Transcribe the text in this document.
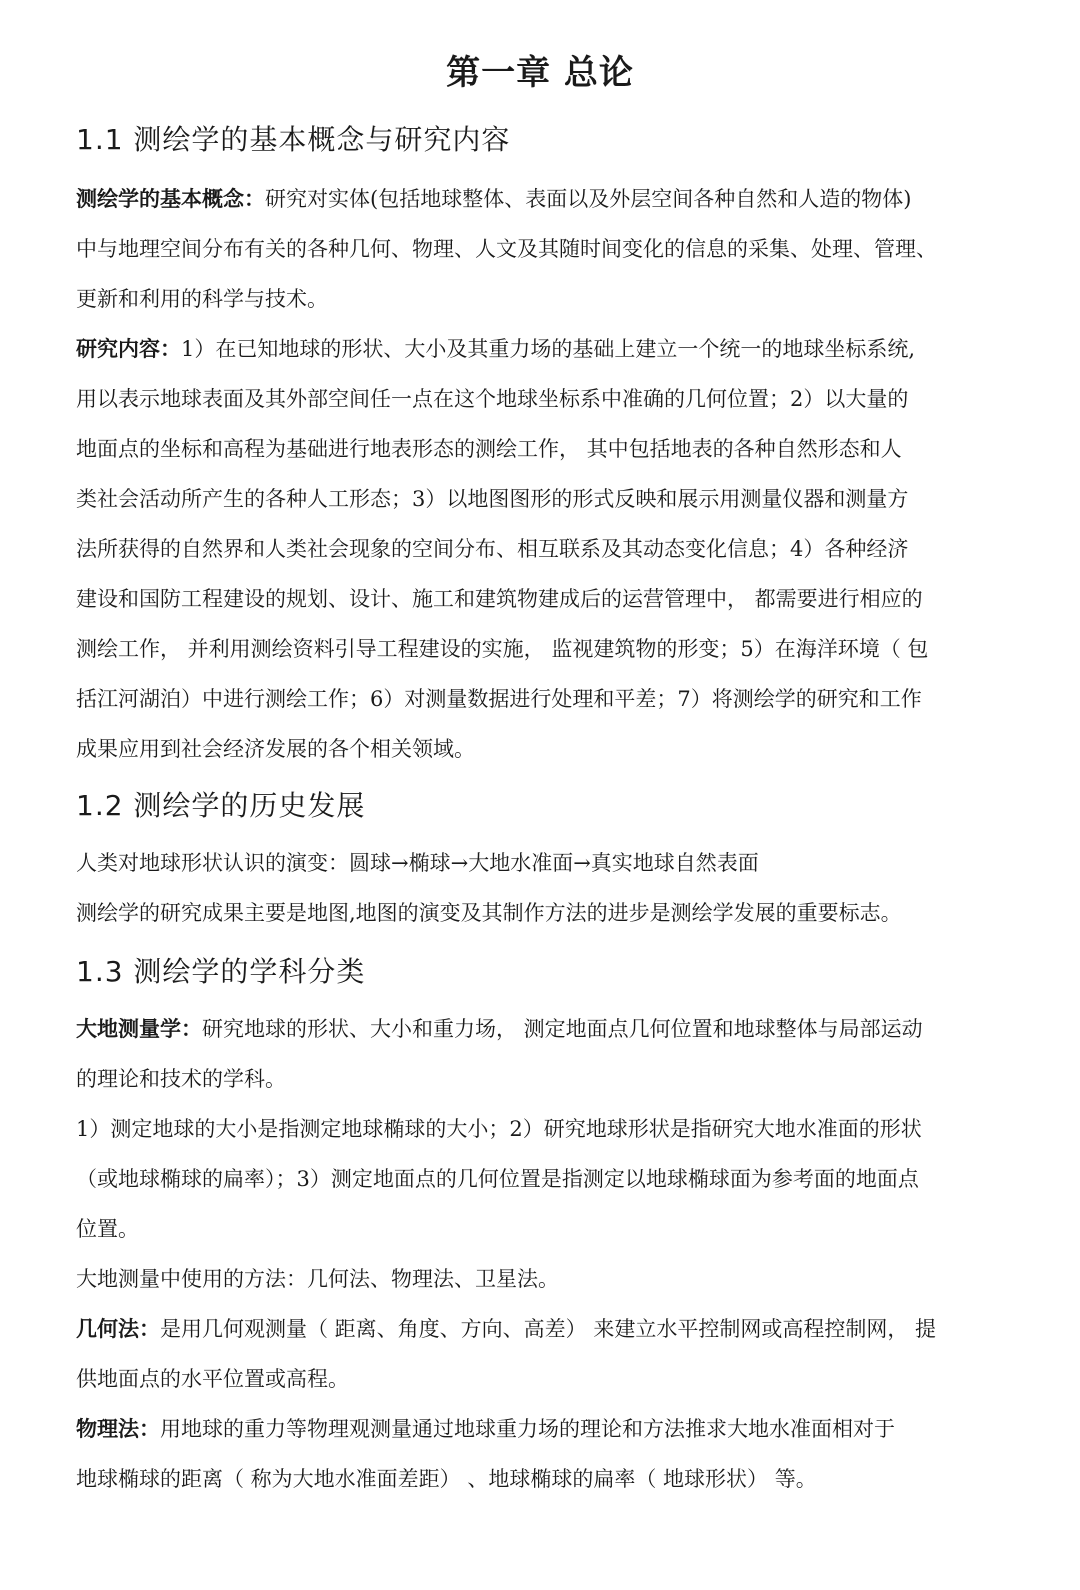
第一章 总论
1.1 测绘学的基本概念与研究内容
测绘学的基本概念：研究对实体(包括地球整体、表面以及外层空间各种自然和人造的物体)
中与地理空间分布有关的各种几何、物理、人文及其随时间变化的信息的采集、处理、管理、
更新和利用的科学与技术。
研究内容：1）在已知地球的形状、大小及其重力场的基础上建立一个统一的地球坐标系统,
用以表示地球表面及其外部空间任一点在这个地球坐标系中准确的几何位置；2）以大量的
地面点的坐标和高程为基础进行地表形态的测绘工作， 其中包括地表的各种自然形态和人
类社会活动所产生的各种人工形态；3）以地图图形的形式反映和展示用测量仪器和测量方
法所获得的自然界和人类社会现象的空间分布、相互联系及其动态变化信息；4）各种经济
建设和国防工程建设的规划、设计、施工和建筑物建成后的运营管理中， 都需要进行相应的
测绘工作， 并利用测绘资料引导工程建设的实施， 监视建筑物的形变；5）在海洋环境（ 包
括江河湖泊）中进行测绘工作；6）对测量数据进行处理和平差；7）将测绘学的研究和工作
成果应用到社会经济发展的各个相关领域。
1.2 测绘学的历史发展
人类对地球形状认识的演变：圆球→椭球→大地水准面→真实地球自然表面
测绘学的研究成果主要是地图,地图的演变及其制作方法的进步是测绘学发展的重要标志。
1.3 测绘学的学科分类
大地测量学：研究地球的形状、大小和重力场， 测定地面点几何位置和地球整体与局部运动
的理论和技术的学科。
1）测定地球的大小是指测定地球椭球的大小；2）研究地球形状是指研究大地水准面的形状
（或地球椭球的扁率）；3）测定地面点的几何位置是指测定以地球椭球面为参考面的地面点
位置。
大地测量中使用的方法：几何法、物理法、卫星法。
几何法：是用几何观测量（ 距离、角度、方向、高差） 来建立水平控制网或高程控制网， 提
供地面点的水平位置或高程。
物理法：用地球的重力等物理观测量通过地球重力场的理论和方法推求大地水准面相对于
地球椭球的距离（ 称为大地水准面差距） 、地球椭球的扁率（ 地球形状） 等。
